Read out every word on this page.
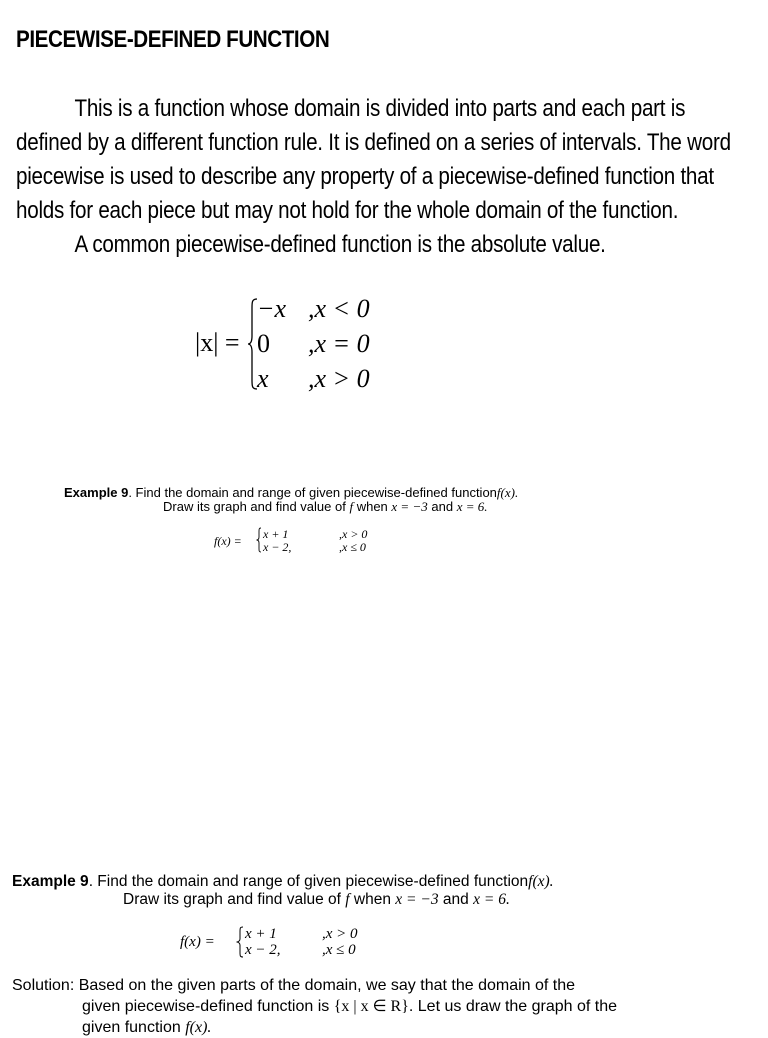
PIECEWISE-DEFINED FUNCTION
This is a function whose domain is divided into parts and each part is
defined by a different function rule. It is defined on a series of intervals. The word
piecewise is used to describe any property of a piecewise-defined function that
holds for each piece but may not hold for the whole domain of the function.
A common piecewise-defined function is the absolute value.
|x| =
−x ,x < 0
0 ,x = 0
x ,x > 0
Example 9. Find the domain and range of given piecewise-defined functionf(x).
Draw its graph and find value of f when x = −3 and x = 6.
f(x) = x + 1	,x > 0
x − 2,	,x ≤ 0
Example 9. Find the domain and range of given piecewise-defined functionf(x).
Draw its graph and find value of f when x = −3 and x = 6.
f(x) = x + 1	,x > 0
x − 2,	,x ≤ 0
Solution: Based on the given parts of the domain, we say that the domain of the
given piecewise-defined function is {x | x ∈ R}. Let us draw the graph of the
given function f(x).
